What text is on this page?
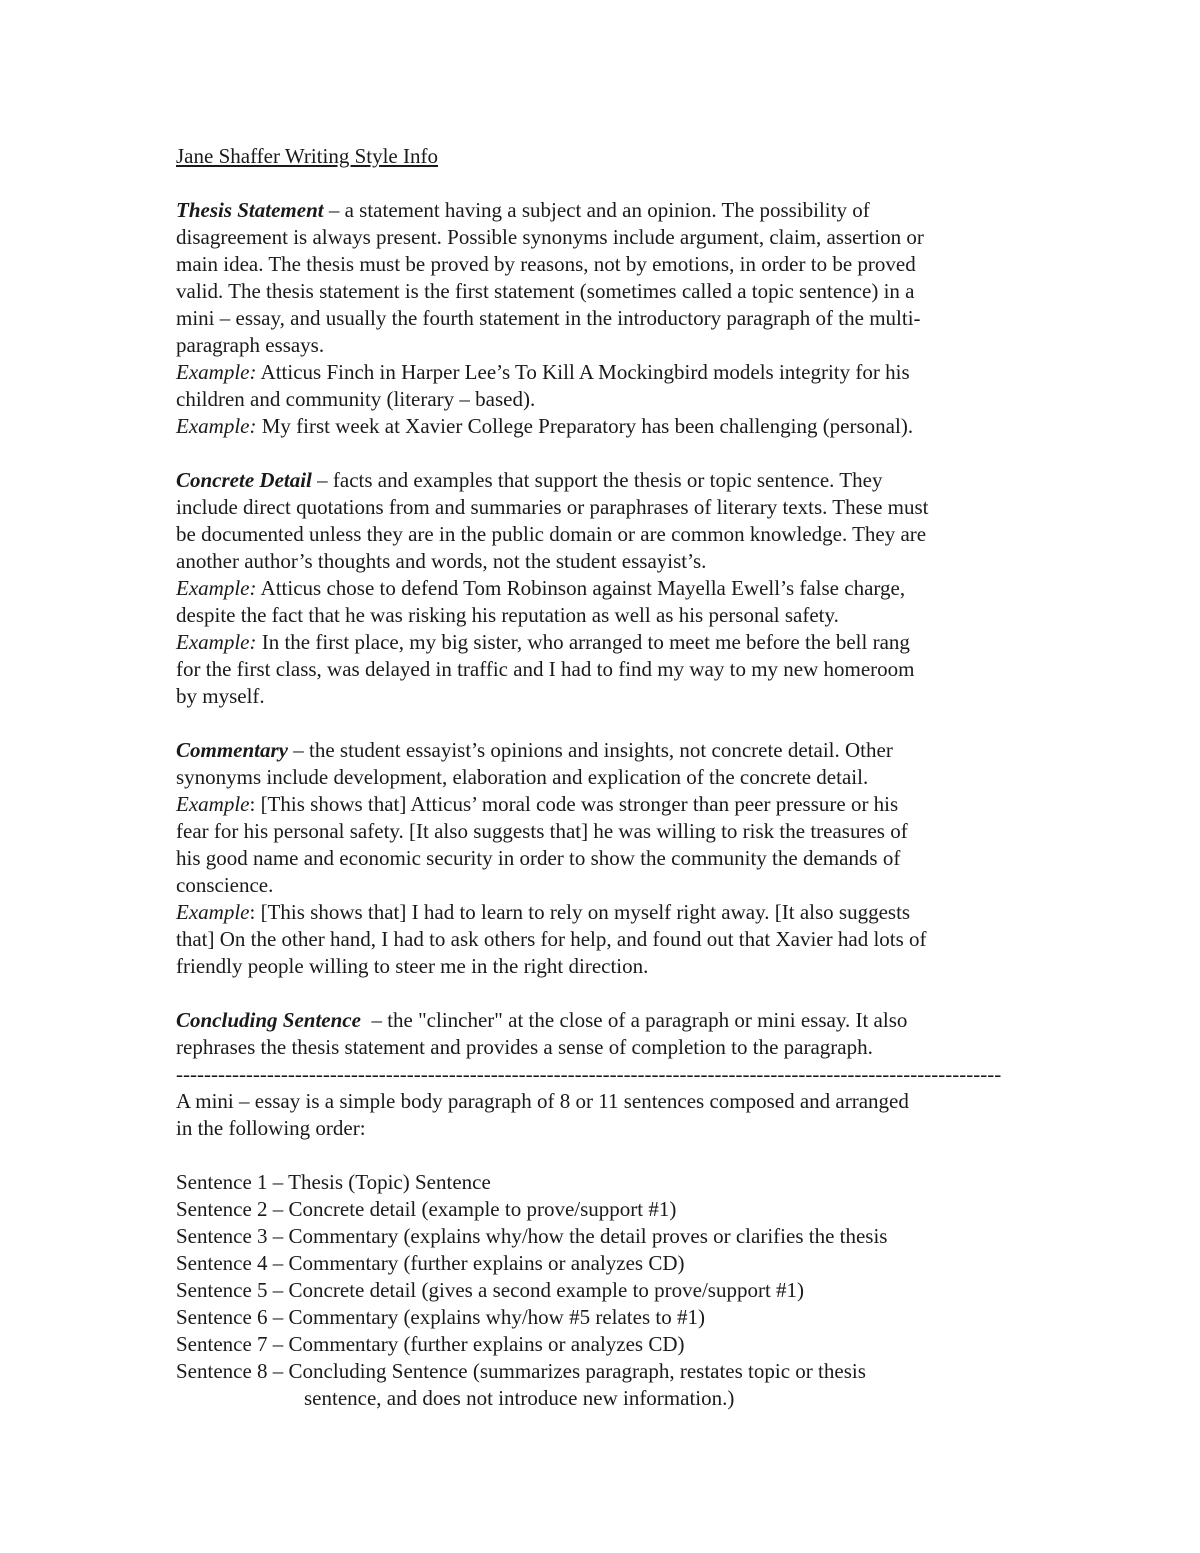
Jane Shaffer Writing Style Info
Thesis Statement – a statement having a subject and an opinion. The possibility of
disagreement is always present. Possible synonyms include argument, claim, assertion or
main idea. The thesis must be proved by reasons, not by emotions, in order to be proved
valid. The thesis statement is the first statement (sometimes called a topic sentence) in a
mini – essay, and usually the fourth statement in the introductory paragraph of the multi-
paragraph essays.
Example: Atticus Finch in Harper Lee’s To Kill A Mockingbird models integrity for his
children and community (literary – based).
Example: My first week at Xavier College Preparatory has been challenging (personal).
Concrete Detail – facts and examples that support the thesis or topic sentence. They
include direct quotations from and summaries or paraphrases of literary texts. These must
be documented unless they are in the public domain or are common knowledge. They are
another author’s thoughts and words, not the student essayist’s.
Example: Atticus chose to defend Tom Robinson against Mayella Ewell’s false charge,
despite the fact that he was risking his reputation as well as his personal safety.
Example: In the first place, my big sister, who arranged to meet me before the bell rang
for the first class, was delayed in traffic and I had to find my way to my new homeroom
by myself.
Commentary – the student essayist’s opinions and insights, not concrete detail. Other
synonyms include development, elaboration and explication of the concrete detail.
Example: [This shows that] Atticus’ moral code was stronger than peer pressure or his
fear for his personal safety. [It also suggests that] he was willing to risk the treasures of
his good name and economic security in order to show the community the demands of
conscience.
Example: [This shows that] I had to learn to rely on myself right away. [It also suggests
that] On the other hand, I had to ask others for help, and found out that Xavier had lots of
friendly people willing to steer me in the right direction.
Concluding Sentence  – the "clincher" at the close of a paragraph or mini essay. It also
rephrases the thesis statement and provides a sense of completion to the paragraph.
----------------------------------------------------------------------------------------------------------------------
A mini – essay is a simple body paragraph of 8 or 11 sentences composed and arranged
in the following order:
Sentence 1 – Thesis (Topic) Sentence
Sentence 2 – Concrete detail (example to prove/support #1)
Sentence 3 – Commentary (explains why/how the detail proves or clarifies the thesis
Sentence 4 – Commentary (further explains or analyzes CD)
Sentence 5 – Concrete detail (gives a second example to prove/support #1)
Sentence 6 – Commentary (explains why/how #5 relates to #1)
Sentence 7 – Commentary (further explains or analyzes CD)
Sentence 8 – Concluding Sentence (summarizes paragraph, restates topic or thesis
sentence, and does not introduce new information.)
